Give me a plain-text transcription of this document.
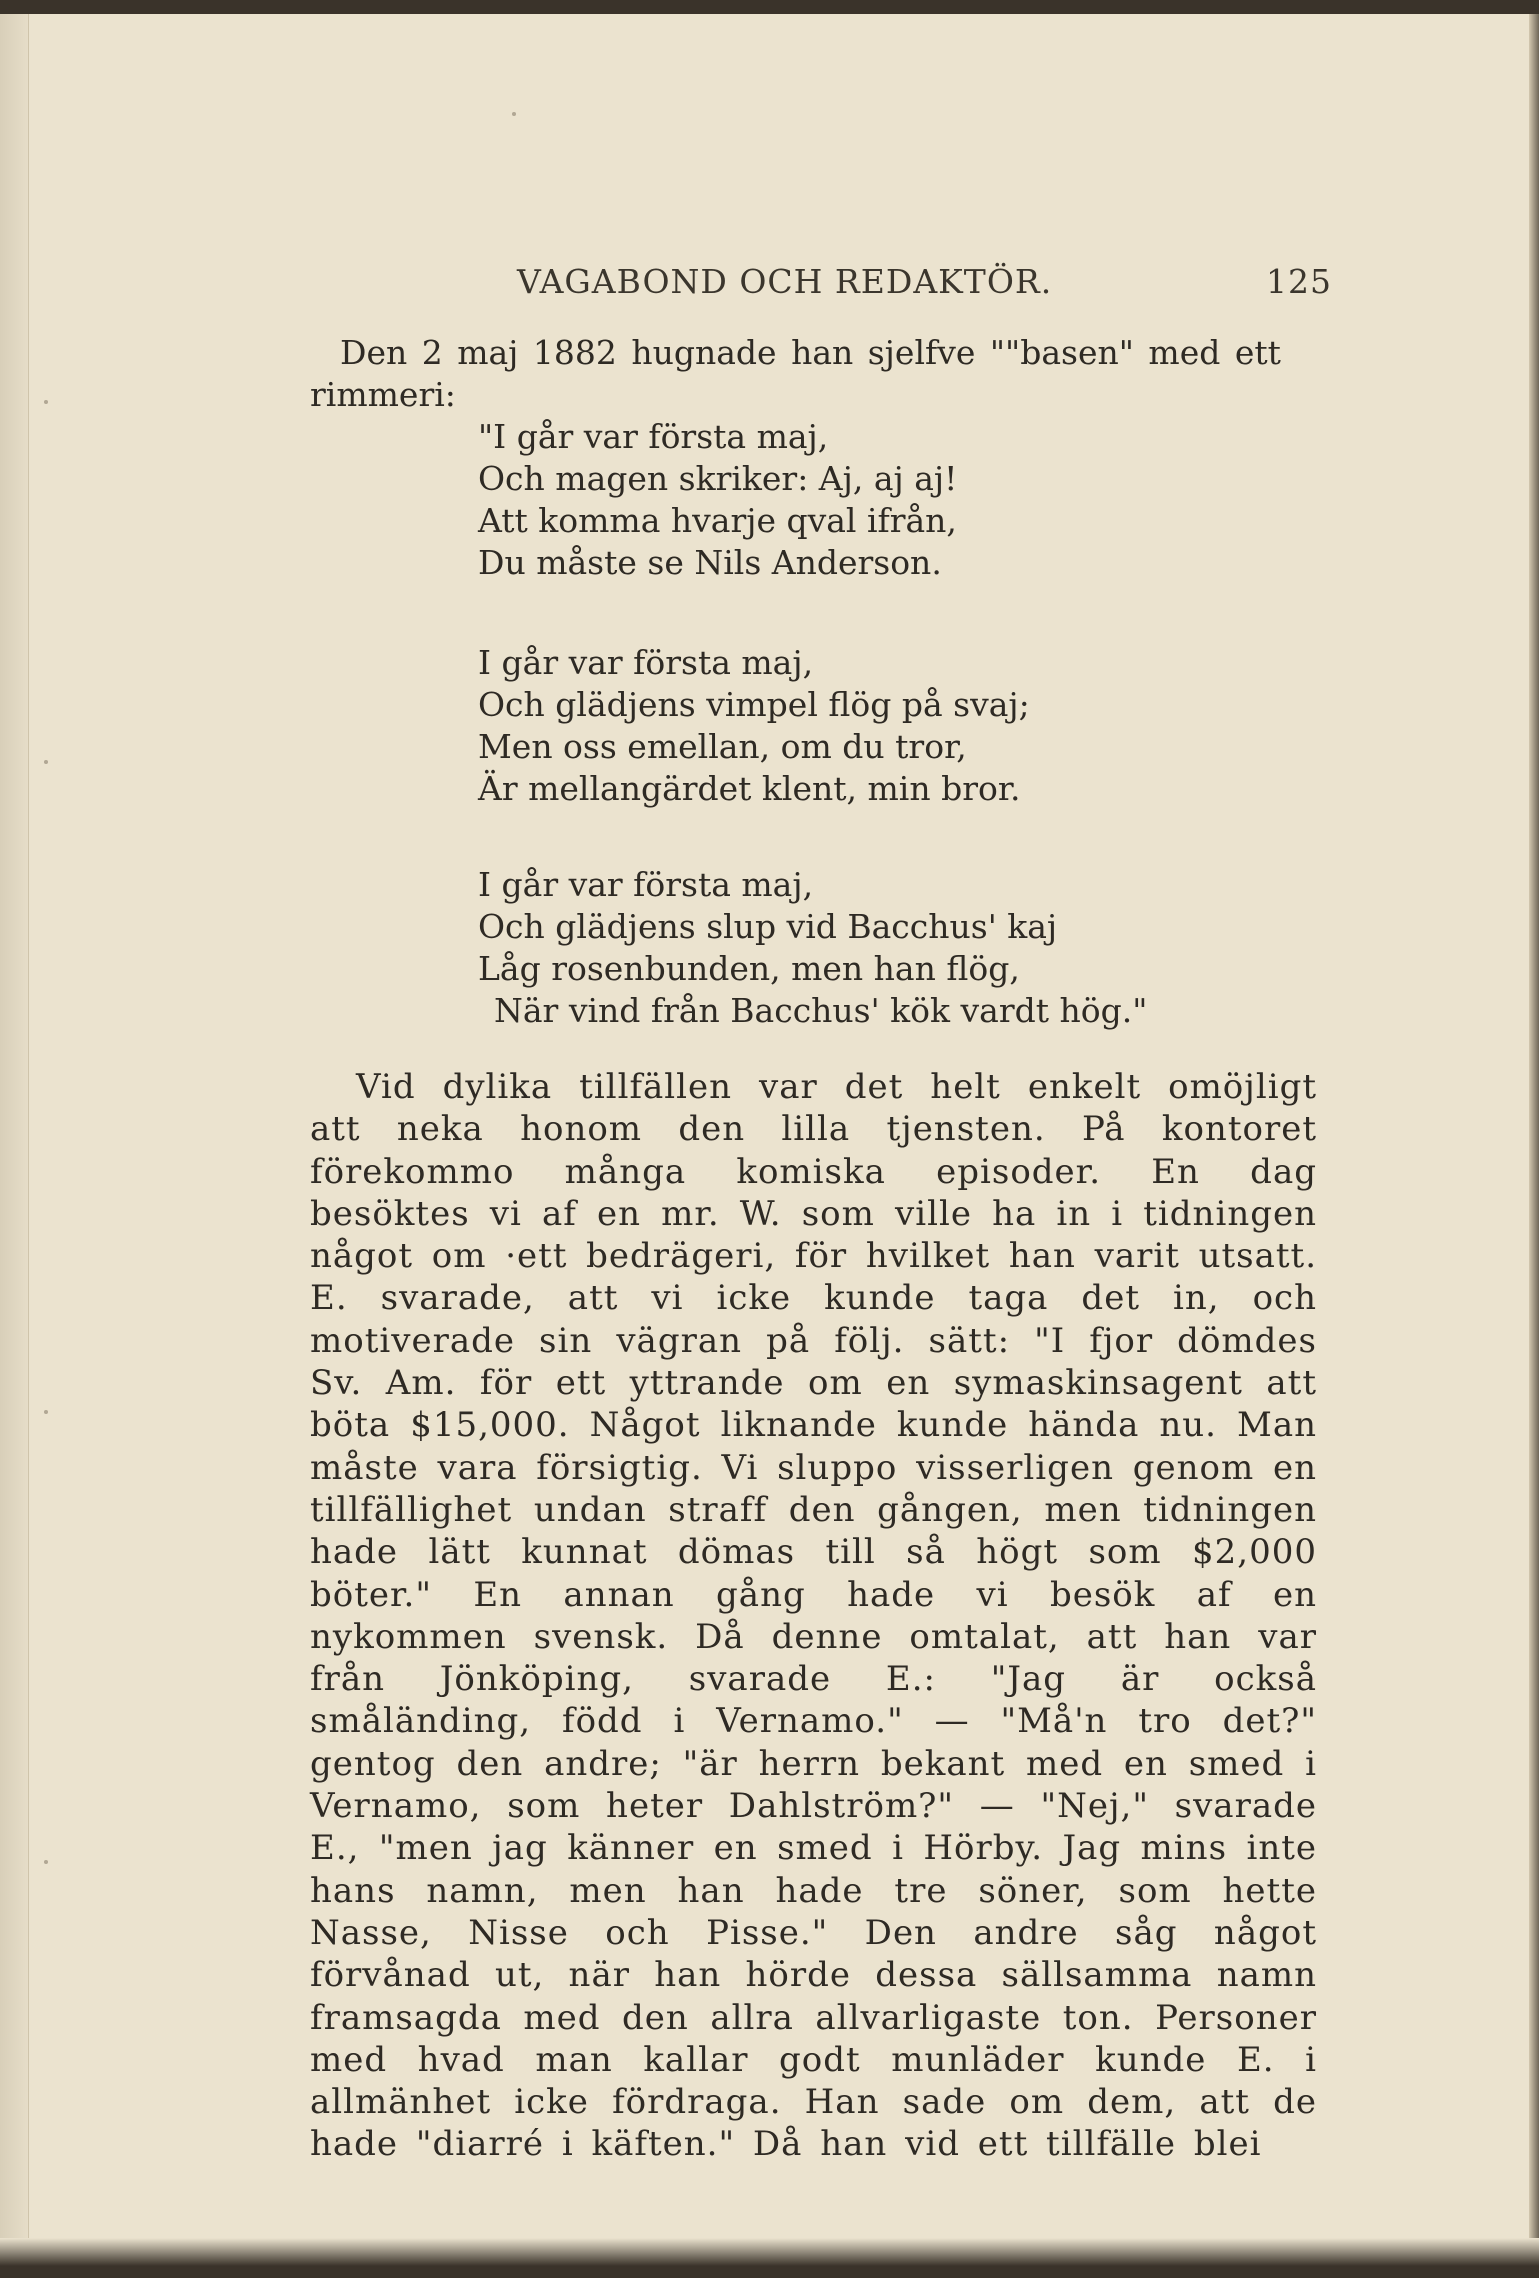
VAGABOND OCH REDAKTÖR.	125

Den 2 maj 1882 hugnade han sjelfve ""basen" med ett rimmeri:

"I går var första maj,
Och magen skriker: Aj, aj aj!
Att komma hvarje qval ifrån,
Du måste se Nils Anderson.
I går var första maj,
Och glädjens vimpel flög på svaj;
Men oss emellan, om du tror,
Är mellangärdet klent, min bror.
I går var första maj,
Och glädjens slup vid Bacchus' kaj
Låg rosenbunden, men han flög,
När vind från Bacchus' kök vardt hög."

Vid dylika tillfällen var det helt enkelt omöjligt att neka honom den lilla tjensten. På kontoret förekommo många komiska episoder. En dag besöktes vi af en mr. W. som ville ha in i tidningen något om ·ett bedrägeri, för hvilket han varit utsatt. E. svarade, att vi icke kunde taga det in, och motiverade sin vägran på följ. sätt: "I fjor dömdes Sv. Am. för ett yttrande om en symaskinsagent att böta $15,000. Något liknande kunde hända nu. Man måste vara försigtig. Vi sluppo visserligen genom en tillfällighet undan straff den gången, men tidningen hade lätt kunnat dömas till så högt som $2,000 böter." En annan gång hade vi besök af en nykommen svensk. Då denne omtalat, att han var från Jönköping, svarade E.: "Jag är också småländing, född i Vernamo." — "Må'n tro det?" gentog den andre; "är herrn bekant med en smed i Vernamo, som heter Dahlström?" — "Nej," svarade E., "men jag känner en smed i Hörby. Jag mins inte hans namn, men han hade tre söner, som hette Nasse, Nisse och Pisse." Den andre såg något förvånad ut, när han hörde dessa sällsamma namn framsagda med den allra allvarligaste ton. Personer med hvad man kallar godt munläder kunde E. i allmänhet icke fördraga. Han sade om dem, att de hade "diarré i käften." Då han vid ett tillfälle blei
